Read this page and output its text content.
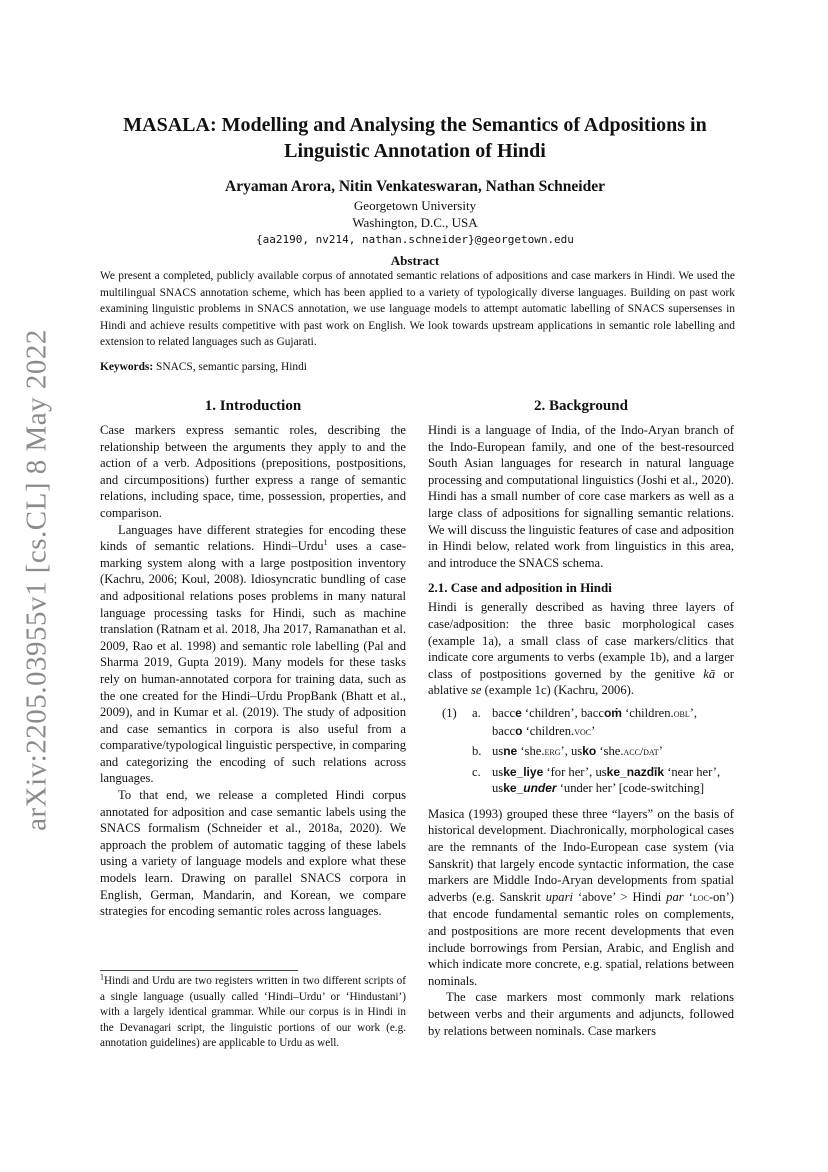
arXiv:2205.03955v1 [cs.CL] 8 May 2022
MASALA: Modelling and Analysing the Semantics of Adpositions in
Linguistic Annotation of Hindi
Aryaman Arora, Nitin Venkateswaran, Nathan Schneider
Georgetown University
Washington, D.C., USA
{aa2190, nv214, nathan.schneider}@georgetown.edu
Abstract
We present a completed, publicly available corpus of annotated semantic relations of adpositions and case markers in Hindi. We used the multilingual SNACS annotation scheme, which has been applied to a variety of typologically diverse languages. Building on past work examining linguistic problems in SNACS annotation, we use language models to attempt automatic labelling of SNACS supersenses in Hindi and achieve results competitive with past work on English. We look towards upstream applications in semantic role labelling and extension to related languages such as Gujarati.
Keywords: SNACS, semantic parsing, Hindi
1. Introduction

Case markers express semantic roles, describing the relationship between the arguments they apply to and the action of a verb. Adpositions (prepositions, postpositions, and circumpositions) further express a range of semantic relations, including space, time, possession, properties, and comparison.

Languages have different strategies for encoding these kinds of semantic relations. Hindi–Urdu$^1$ uses a case-marking system along with a large postposition inventory (Kachru, 2006; Koul, 2008). Idiosyncratic bundling of case and adpositional relations poses problems in many natural language processing tasks for Hindi, such as machine translation (Ratnam et al. 2018, Jha 2017, Ramanathan et al. 2009, Rao et al. 1998) and semantic role labelling (Pal and Sharma 2019, Gupta 2019). Many models for these tasks rely on human-annotated corpora for training data, such as the one created for the Hindi–Urdu PropBank (Bhatt et al., 2009), and in Kumar et al. (2019). The study of adposition and case semantics in corpora is also useful from a comparative/typological linguistic perspective, in comparing and categorizing the encoding of such relations across languages.

To that end, we release a completed Hindi corpus annotated for adposition and case semantic labels using the SNACS formalism (Schneider et al., 2018a, 2020). We approach the problem of automatic tagging of these labels using a variety of language models and explore what these models learn. Drawing on parallel SNACS corpora in English, German, Mandarin, and Korean, we compare strategies for encoding semantic roles across languages.

$^1$Hindi and Urdu are two registers written in two different scripts of a single language (usually called ‘Hindi–Urdu’ or ‘Hindustani’) with a largely identical grammar. While our corpus is in Hindi in the Devanagari script, the linguistic portions of our work (e.g. annotation guidelines) are applicable to Urdu as well.
2. Background

Hindi is a language of India, of the Indo-Aryan branch of the Indo-European family, and one of the best-resourced South Asian languages for research in natural language processing and computational linguistics (Joshi et al., 2020). Hindi has a small number of core case markers as well as a large class of adpositions for signalling semantic relations. We will discuss the linguistic features of case and adposition in Hindi below, related work from linguistics in this area, and introduce the SNACS schema.

2.1. Case and adposition in Hindi

Hindi is generally described as having three layers of case/adposition: the three basic morphological cases (example 1a), a small class of case markers/clitics that indicate core arguments to verbs (example 1b), and a larger class of postpositions governed by the genitive kā or ablative se (example 1c) (Kachru, 2006).

(1)	a. bacce ‘children’, baccoṁ ‘children.obl’,
bacco ‘children.voc’
b. usne ‘she.erg’, usko ‘she.acc/dat’
c. uske_liye ‘for her’, uske_nazdīk ‘near her’,
uske_under ‘under her’ [code-switching]

Masica (1993) grouped these three “layers” on the basis of historical development. Diachronically, morphological cases are the remnants of the Indo-European case system (via Sanskrit) that largely encode syntactic information, the case markers are Middle Indo-Aryan developments from spatial adverbs (e.g. Sanskrit upari ‘above’ > Hindi par ‘loc-on’) that encode fundamental semantic roles on complements, and postpositions are more recent developments that even include borrowings from Persian, Arabic, and English and which indicate more concrete, e.g. spatial, relations between nominals.

The case markers most commonly mark relations between verbs and their arguments and adjuncts, followed by relations between nominals. Case markers
